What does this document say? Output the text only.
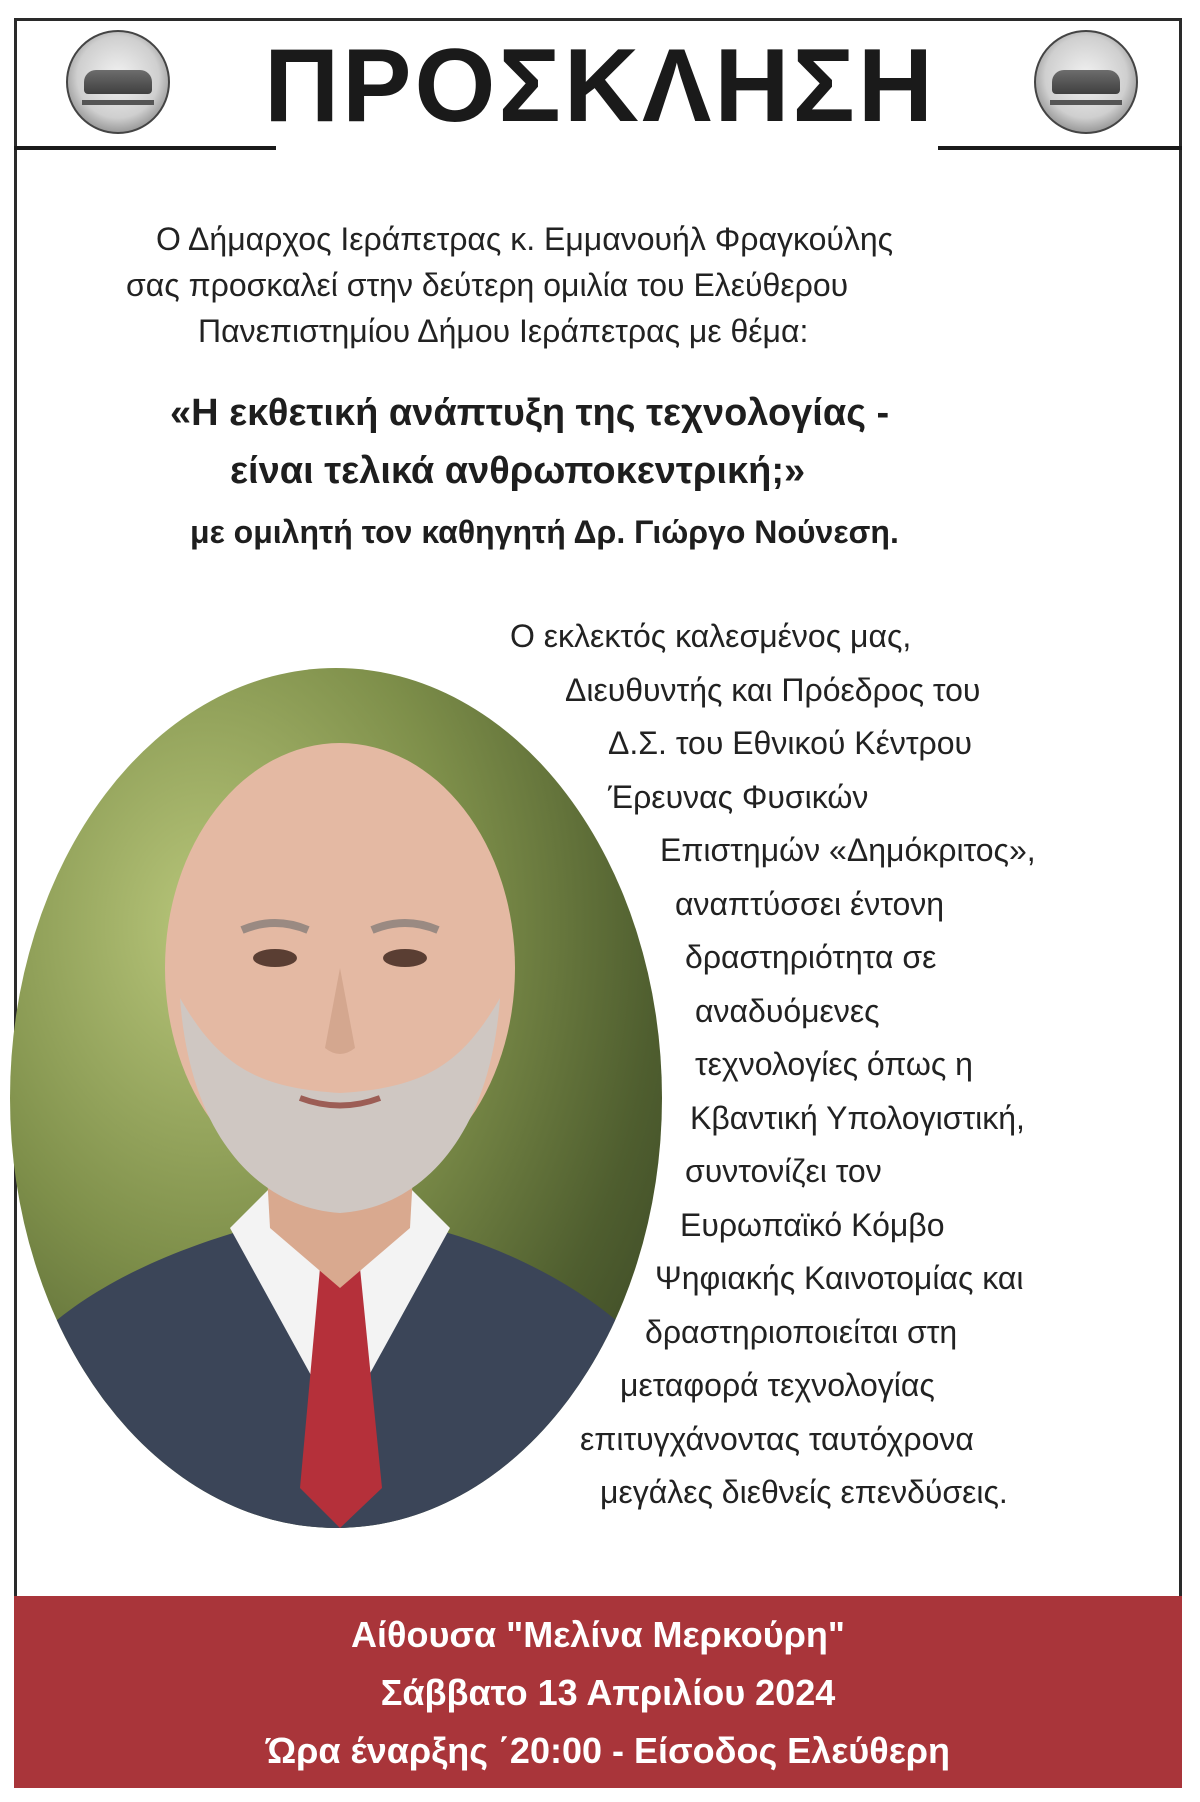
ΠΡΟΣΚΛΗΣΗ
Ο Δήμαρχος Ιεράπετρας κ. Εμμανουήλ Φραγκούλης
σας προσκαλεί στην δεύτερη ομιλία του Ελεύθερου
Πανεπιστημίου Δήμου Ιεράπετρας με θέμα:
«Η εκθετική ανάπτυξη της τεχνολογίας -
είναι τελικά ανθρωποκεντρική;»
με ομιλητή τον καθηγητή Δρ. Γιώργο Νούνεση.
Ο εκλεκτός καλεσμένος μας,
Διευθυντής και Πρόεδρος του
Δ.Σ. του Εθνικού Κέντρου
Έρευνας Φυσικών
Επιστημών «Δημόκριτος»,
αναπτύσσει έντονη
δραστηριότητα σε
αναδυόμενες
τεχνολογίες όπως η
Κβαντική Υπολογιστική,
συντονίζει τον
Ευρωπαϊκό Κόμβο
Ψηφιακής Καινοτομίας και
δραστηριοποιείται στη
μεταφορά τεχνολογίας
επιτυγχάνοντας ταυτόχρονα
μεγάλες διεθνείς επενδύσεις.
Αίθουσα "Μελίνα Μερκούρη"
Σάββατο 13 Απριλίου 2024
Ώρα έναρξης ΄20:00 - Είσοδος Ελεύθερη
